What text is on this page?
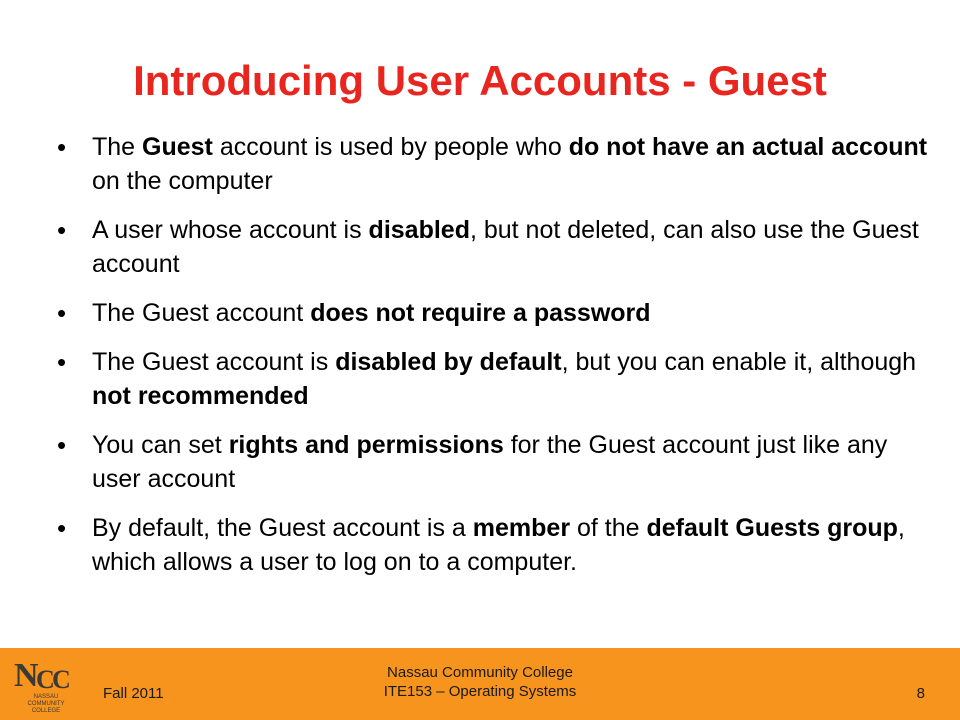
Introducing User Accounts - Guest
• The Guest account is used by people who do not have an actual account on the computer
• A user whose account is disabled, but not deleted, can also use the Guest account
• The Guest account does not require a password
• The Guest account is disabled by default, but you can enable it, although not recommended
• You can set rights and permissions for the Guest account just like any user account
• By default, the Guest account is a member of the default Guests group, which allows a user to log on to a computer.
N
C
C
NASSAU
COMMUNITY
COLLEGE
Fall 2011
Nassau Community College
ITE153 – Operating Systems	8
